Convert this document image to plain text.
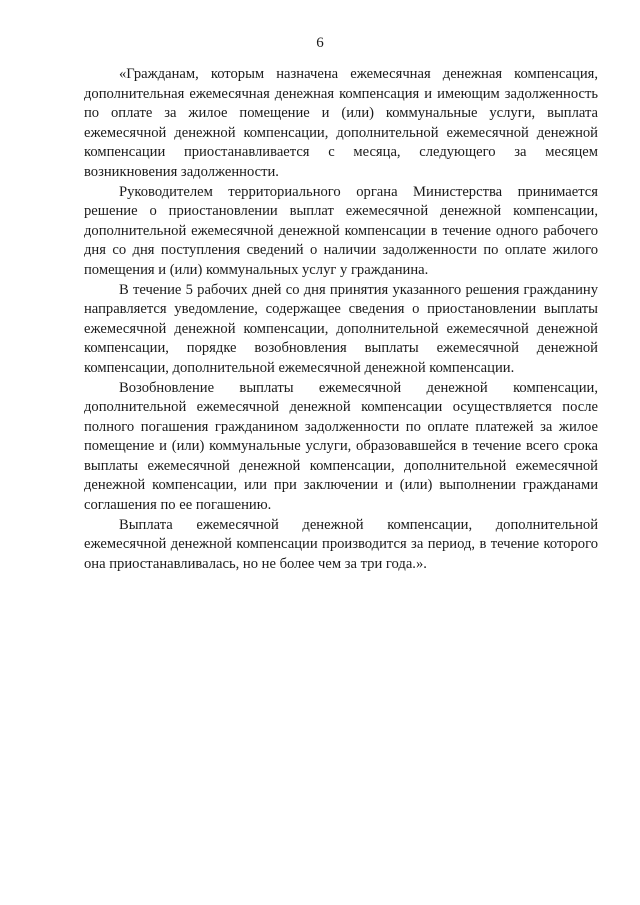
6

«Гражданам, которым назначена ежемесячная денежная компенсация, дополнительная ежемесячная денежная компенсация и имеющим задолженность по оплате за жилое помещение и (или) коммунальные услуги, выплата ежемесячной денежной компенсации, дополнительной ежемесячной денежной компенсации приостанавливается с месяца, следующего за месяцем возникновения задолженности.

Руководителем территориального органа Министерства принимается решение о приостановлении выплат ежемесячной денежной компенсации, дополнительной ежемесячной денежной компенсации в течение одного рабочего дня со дня поступления сведений о наличии задолженности по оплате жилого помещения и (или) коммунальных услуг у гражданина.

В течение 5 рабочих дней со дня принятия указанного решения гражданину направляется уведомление, содержащее сведения о приостановлении выплаты ежемесячной денежной компенсации, дополнительной ежемесячной денежной компенсации, порядке возобновления выплаты ежемесячной денежной компенсации, дополнительной ежемесячной денежной компенсации.

Возобновление выплаты ежемесячной денежной компенсации, дополнительной ежемесячной денежной компенсации осуществляется после полного погашения гражданином задолженности по оплате платежей за жилое помещение и (или) коммунальные услуги, образовавшейся в течение всего срока выплаты ежемесячной денежной компенсации, дополнительной ежемесячной денежной компенсации, или при заключении и (или) выполнении гражданами соглашения по ее погашению.

Выплата ежемесячной денежной компенсации, дополнительной ежемесячной денежной компенсации производится за период, в течение которого она приостанавливалась, но не более чем за три года.».
